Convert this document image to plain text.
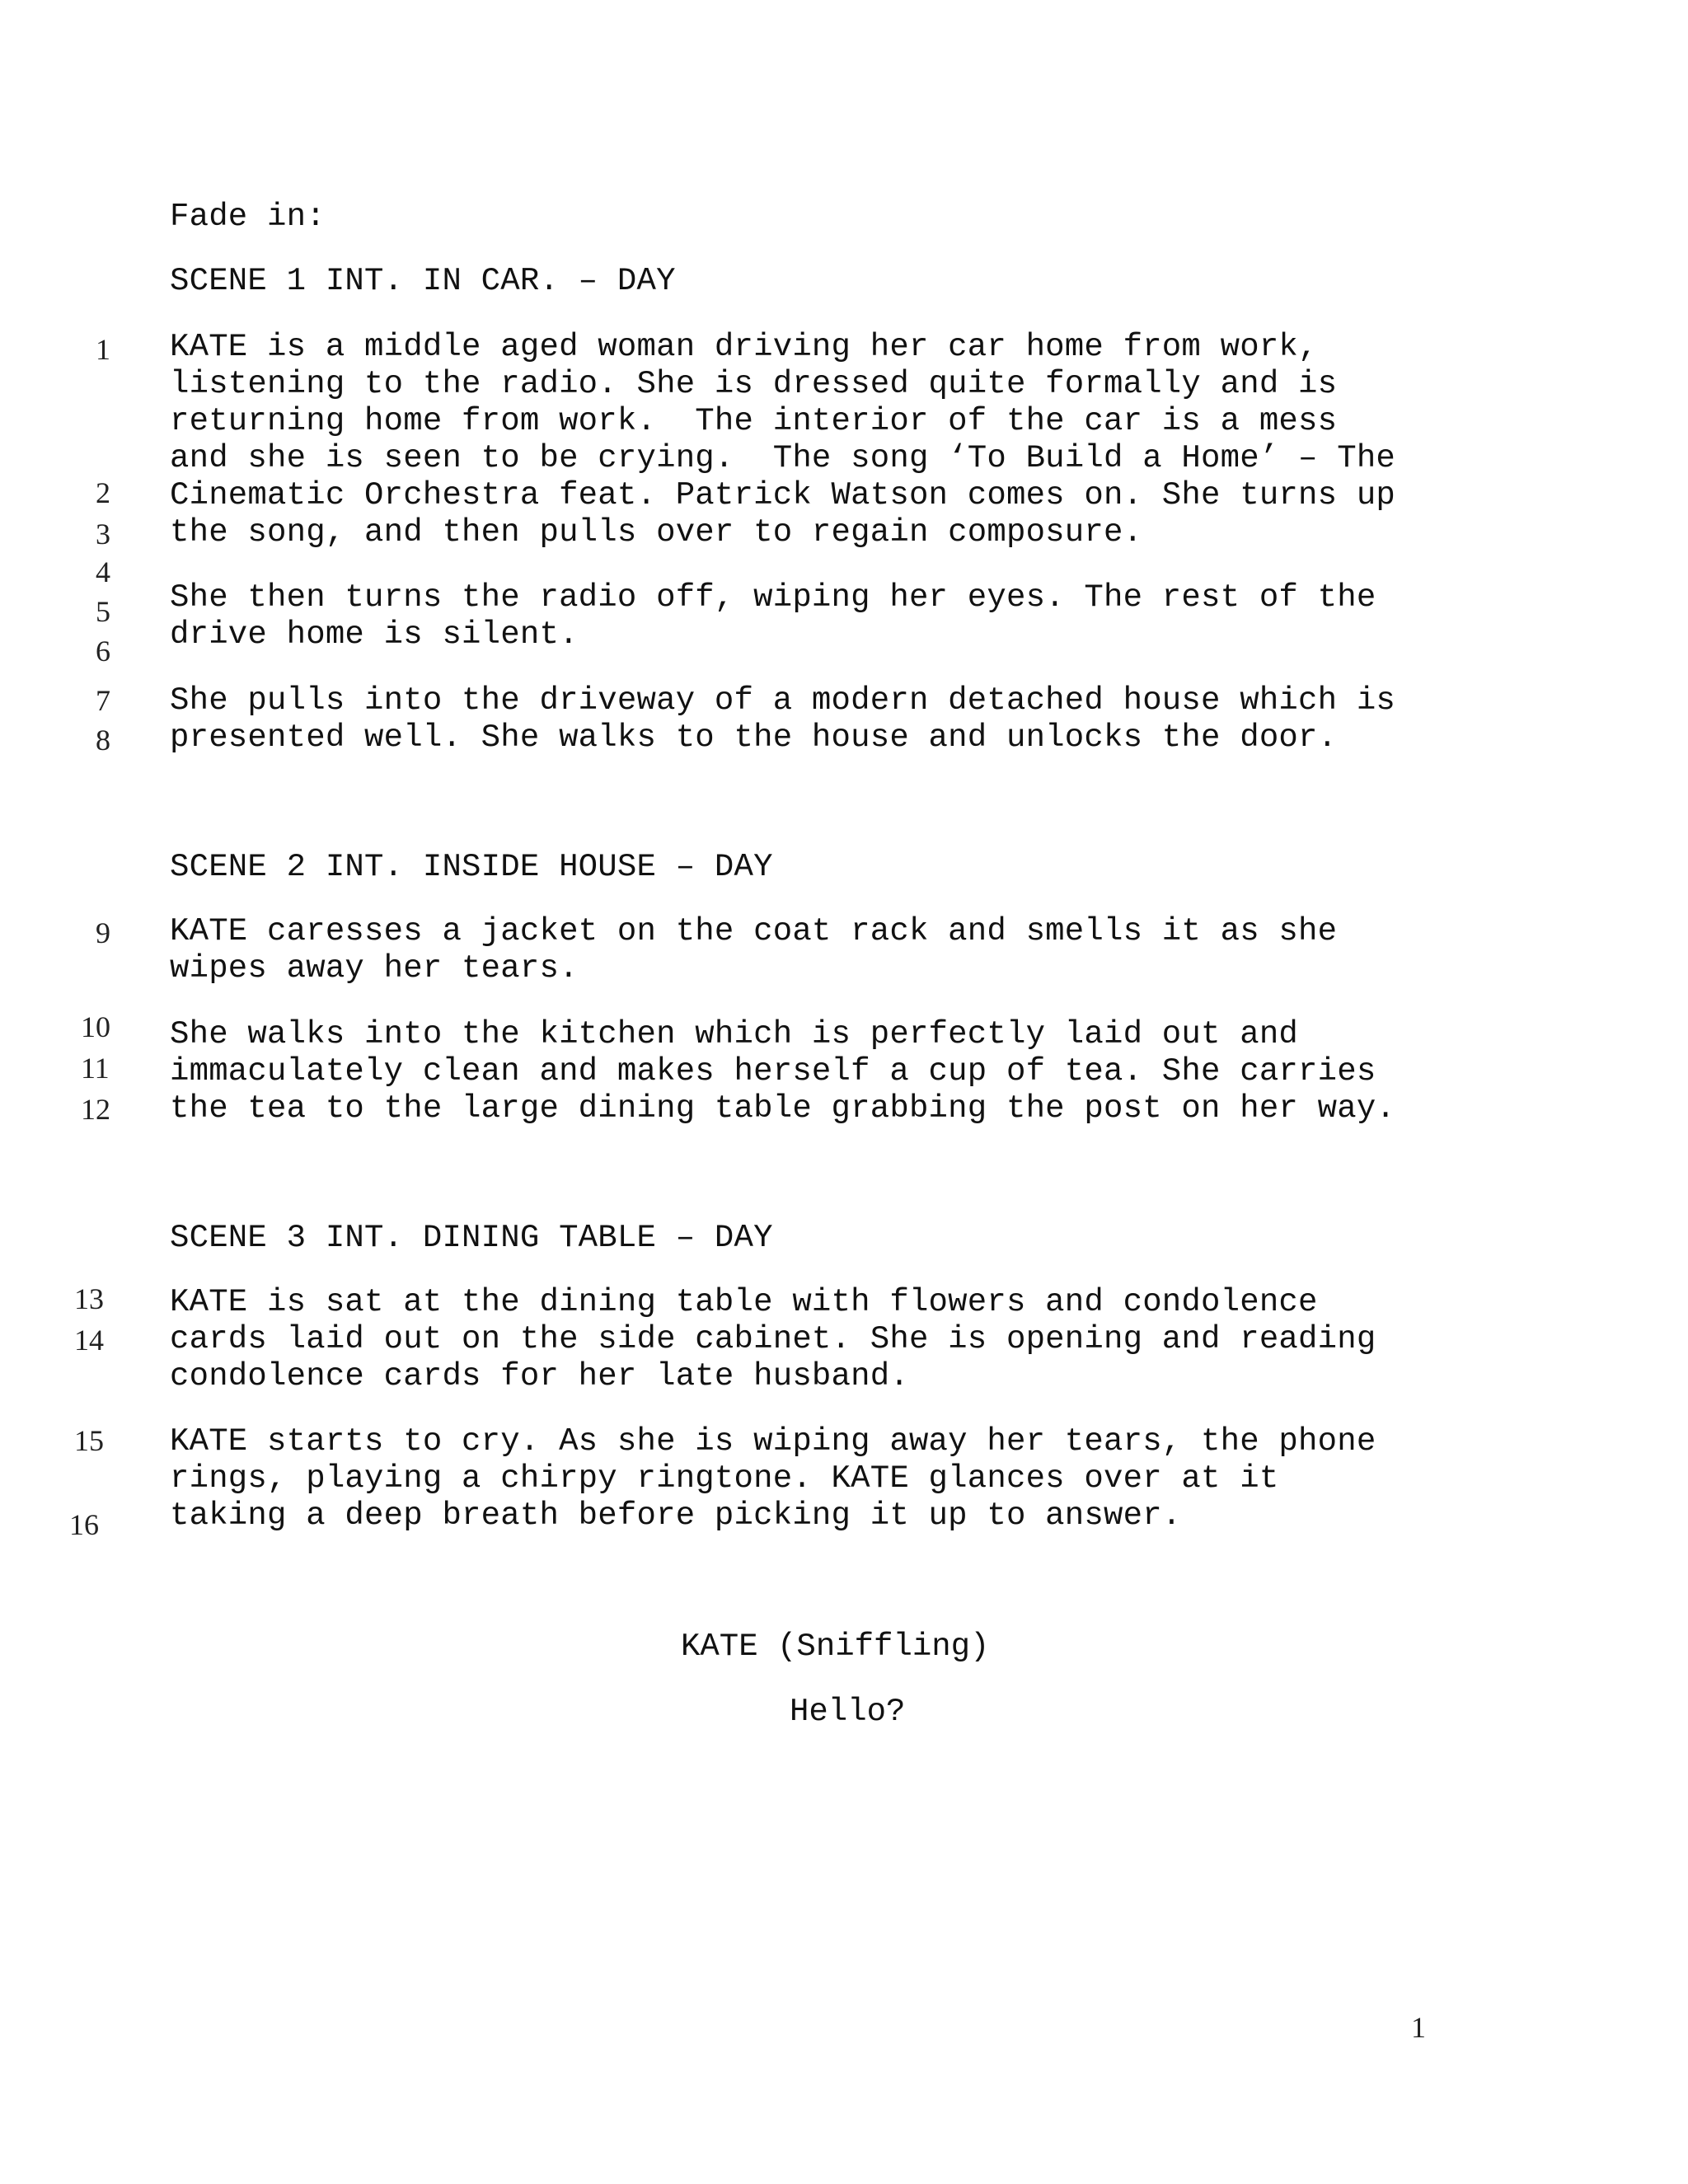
Fade in:
SCENE 1 INT. IN CAR. – DAY
KATE is a middle aged woman driving her car home from work,
listening to the radio. She is dressed quite formally and is
returning home from work.  The interior of the car is a mess
and she is seen to be crying.  The song ‘To Build a Home’ – The
Cinematic Orchestra feat. Patrick Watson comes on. She turns up
the song, and then pulls over to regain composure.
She then turns the radio off, wiping her eyes. The rest of the
drive home is silent.
She pulls into the driveway of a modern detached house which is
presented well. She walks to the house and unlocks the door.
SCENE 2 INT. INSIDE HOUSE – DAY
KATE caresses a jacket on the coat rack and smells it as she
wipes away her tears.
She walks into the kitchen which is perfectly laid out and
immaculately clean and makes herself a cup of tea. She carries
the tea to the large dining table grabbing the post on her way.
SCENE 3 INT. DINING TABLE – DAY
KATE is sat at the dining table with flowers and condolence
cards laid out on the side cabinet. She is opening and reading
condolence cards for her late husband.
KATE starts to cry. As she is wiping away her tears, the phone
rings, playing a chirpy ringtone. KATE glances over at it
taking a deep breath before picking it up to answer.
KATE (Sniffling)
Hello?
1
2
3
4
5
6
7
8
9
10
11
12
13
14
15
16
1
